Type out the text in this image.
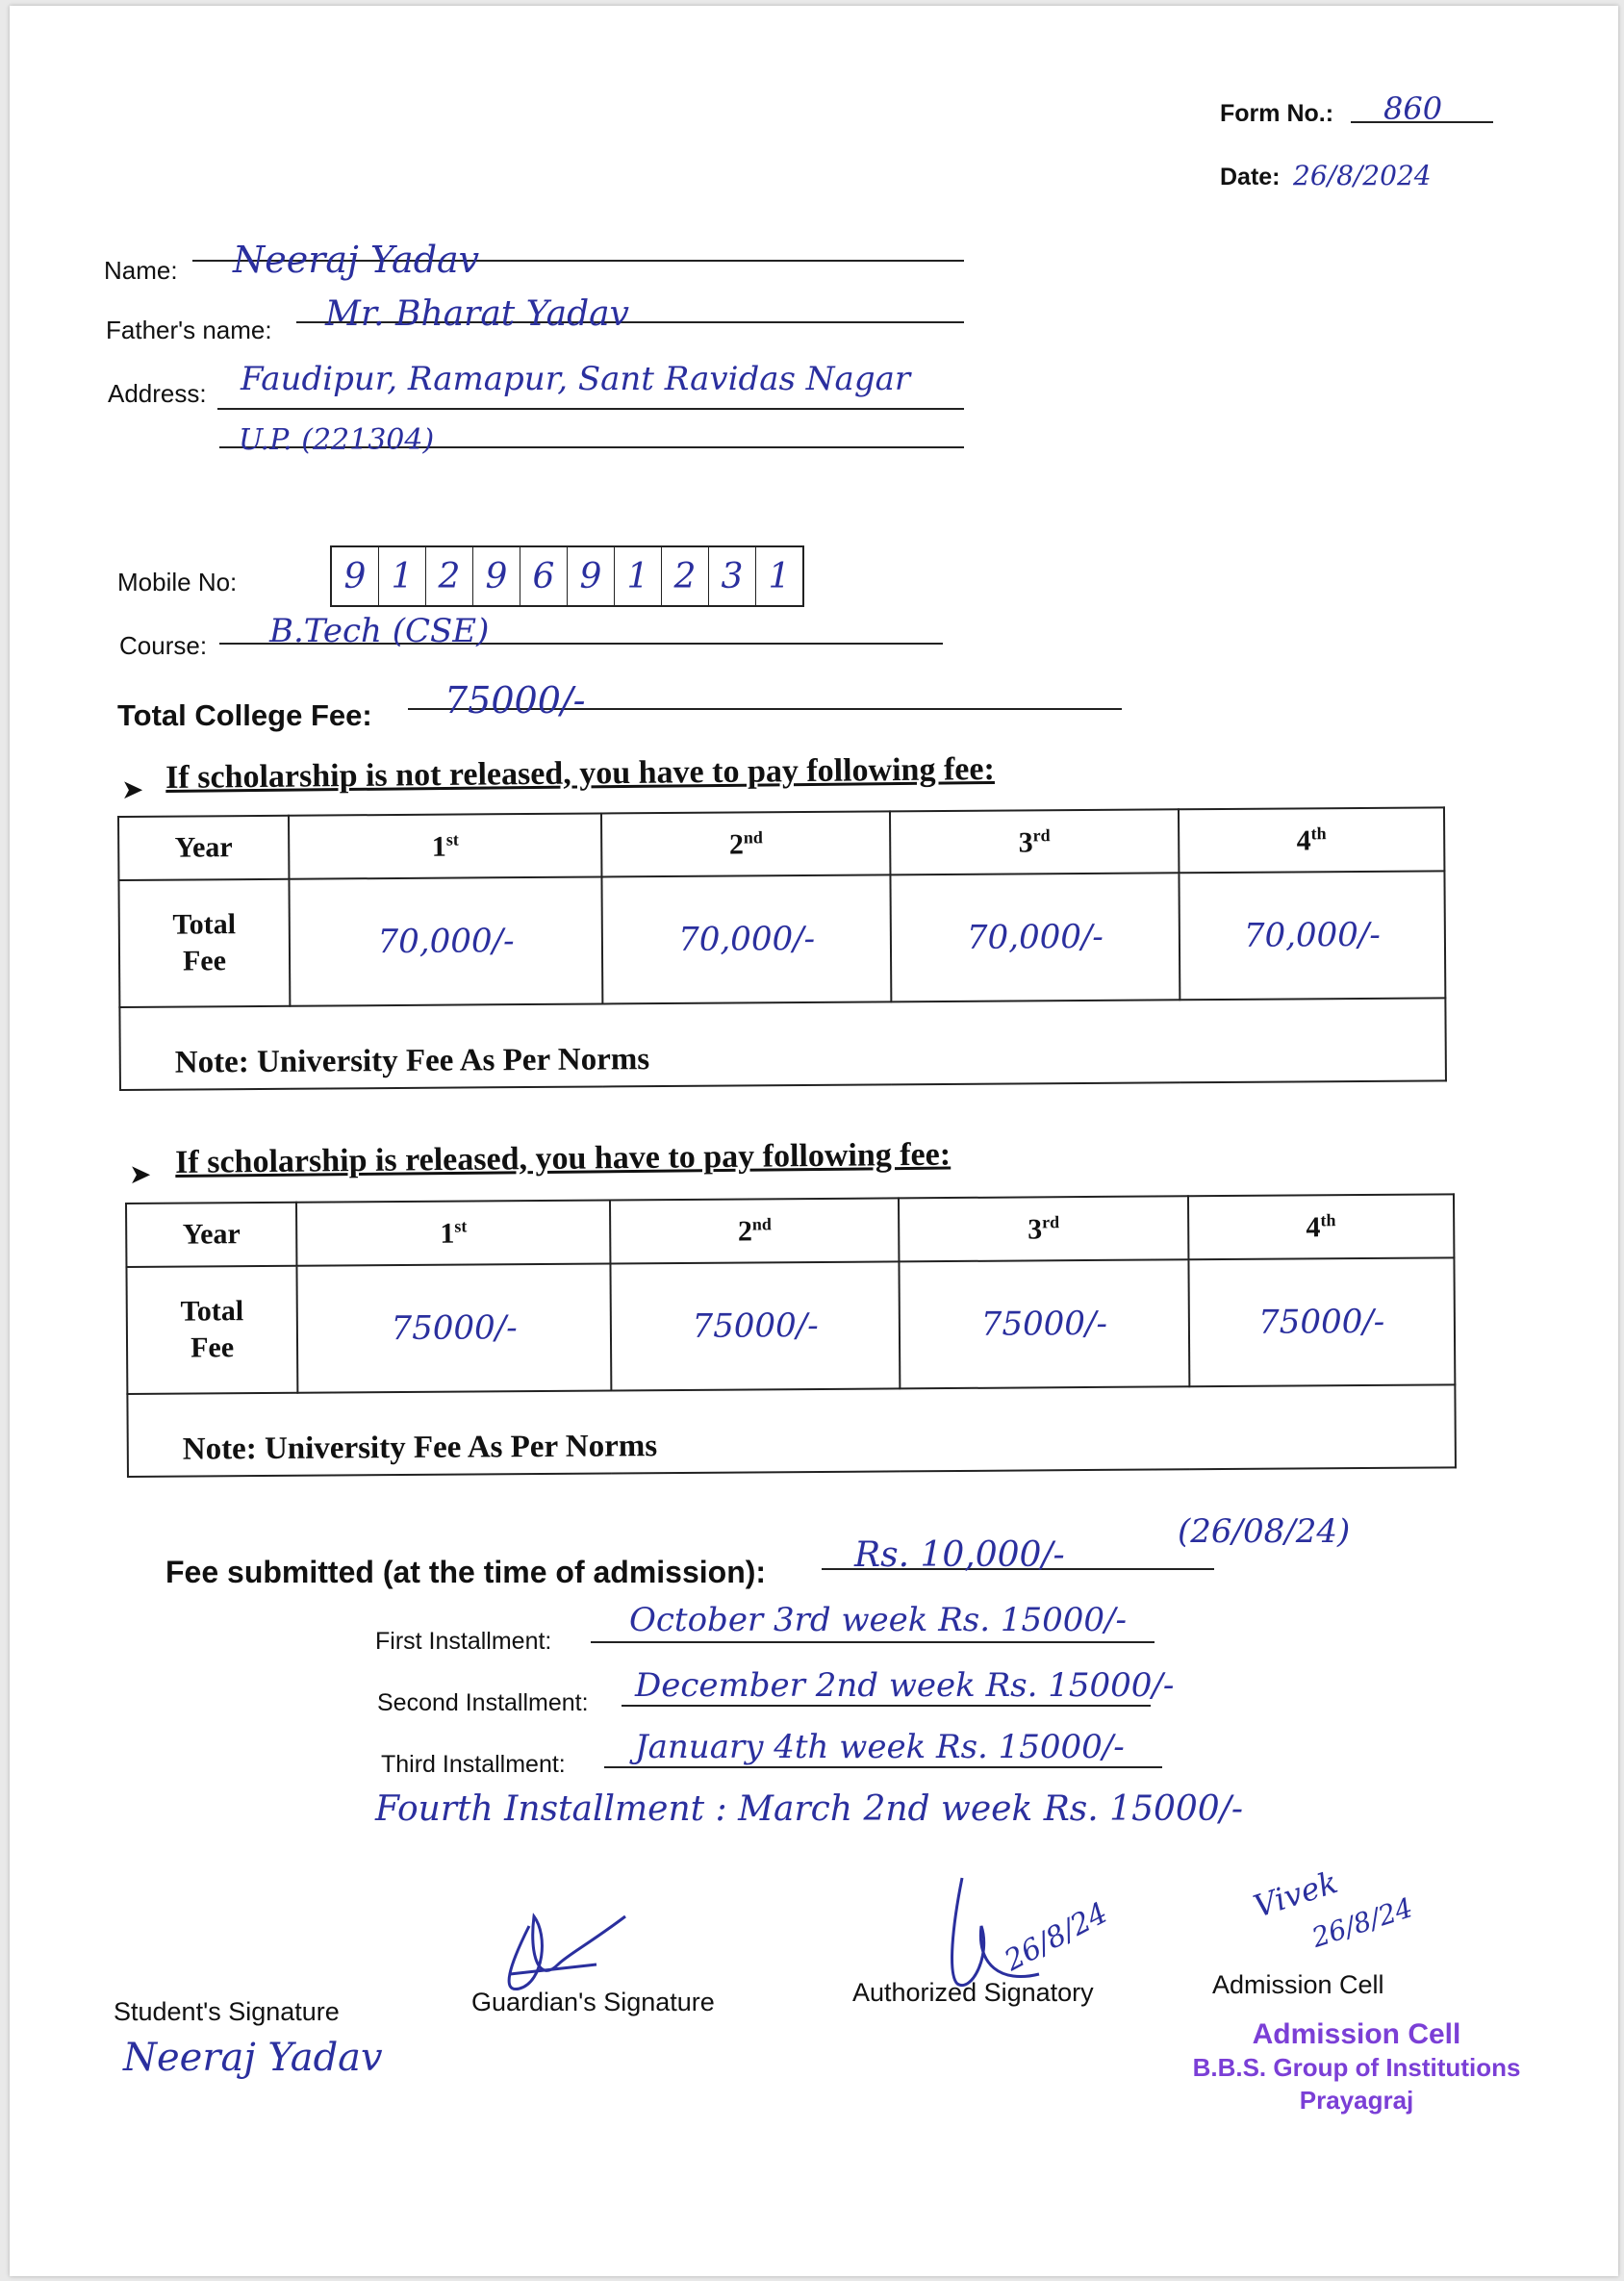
Form No.: 860
Date: 26/8/2024
Name: Neeraj Yadav
Father's name: Mr. Bharat Yadav
Address: Faudipur, Ramapur, Sant Ravidas Nagar
U.P. (221304)
Mobile No:	9 1 2 9 6 9 1 2 3 1
Course: B.Tech (CSE)
Total College Fee: 75000/-
➤ If scholarship is not released, you have to pay following fee:
Year	1st	2nd	3rd	4th

Total Fee	70,000/-	70,000/-	70,000/-	70,000/-
Note: University Fee As Per Norms				
➤ If scholarship is released, you have to pay following fee:
Year	1st	2nd	3rd	4th

Total Fee	75000/-	75000/-	75000/-	75000/-
Note: University Fee As Per Norms				
Fee submitted (at the time of admission):	Rs. 10,000/-
(26/08/24)
First Installment:
October 3rd week Rs. 15000/-
Second Installment: December 2nd week Rs. 15000/-
Third Installment: January 4th week Rs. 15000/-
Fourth Installment : March 2nd week Rs. 15000/-
26/8/24
Vivek
26/8/24
Student's Signature
Neeraj Yadav
Guardian's Signature	Authorized Signatory	Admission Cell
Admission Cell
B.B.S. Group of Institutions
Prayagraj
